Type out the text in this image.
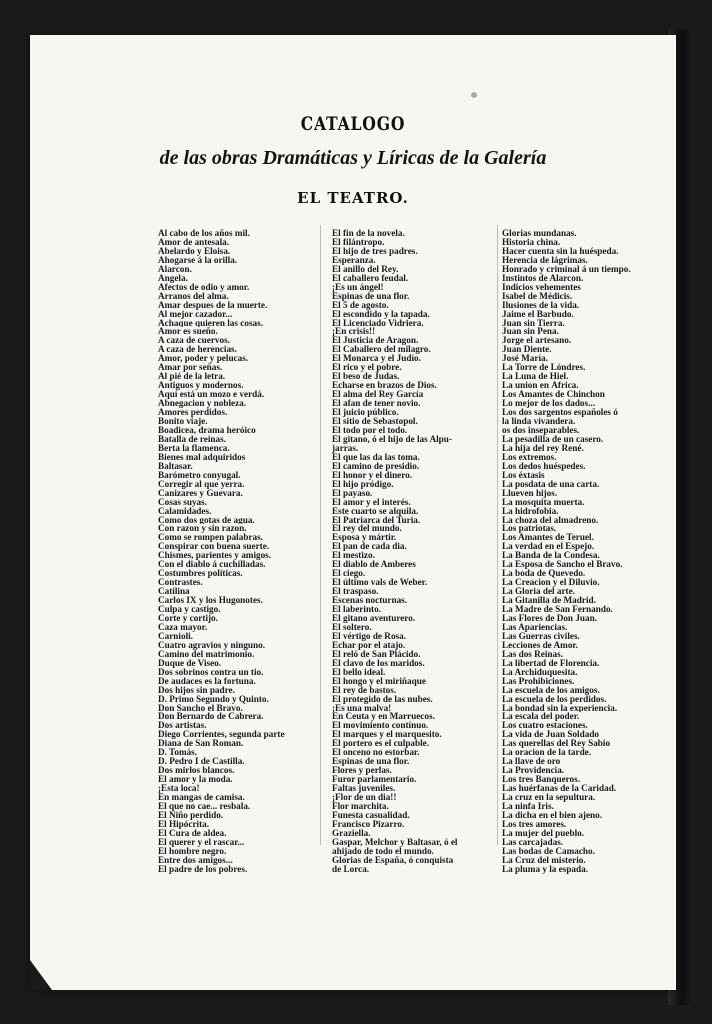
CATALOGO
de las obras Dramáticas y Líricas de la Galería
EL TEATRO.
Al cabo de los años mil.
Amor de antesala.
Abelardo y Eloisa.
Ahogarse á la orilla.
Alarcon.
Angela.
Afectos de odio y amor.
Arranos del alma.
Amar despues de la muerte.
Al mejor cazador...
Achaque quieren las cosas.
Amor es sueño.
A caza de cuervos.
A caza de herencias.
Amor, poder y pelucas.
Amar por señas.
Al pié de la letra.
Antiguos y modernos.
Aquí está un mozo e verdá.
Abnegacion y nobleza.
Amores perdidos.
Bonito viaje.
Boadicea, drama heróico
Batalla de reinas.
Berta la flamenca.
Bienes mal adquiridos
Baltasar.
Barómetro conyugal.
Corregir al que yerra.
Canizares y Guevara.
Cosas suyas.
Calamidades.
Como dos gotas de agua.
Con razon y sin razon.
Como se rompen palabras.
Conspirar con buena suerte.
Chismes, parientes y amigos.
Con el diablo á cuchilladas.
Costumbres políticas.
Contrastes.
Catilina
Carlos IX y los Hugonotes.
Culpa y castigo.
Corte y cortijo.
Caza mayor.
Carnioli.
Cuatro agravios y ninguno.
Camino del matrimonio.
Duque de Viseo.
Dos sobrinos contra un tio.
De audaces es la fortuna.
Dos hijos sin padre.
D. Primo Segundo y Quinto.
Don Sancho el Bravo.
Don Bernardo de Cabrera.
Dos artistas.
Diego Corrientes, segunda parte
Diana de San Roman.
D. Tomás.
D. Pedro I de Castilla.
Dos mirlos blancos.
El amor y la moda.
¡Esta loca!
En mangas de camisa.
El que no cae... resbala.
El Niño perdido.
El Hipócrita.
El Cura de aldea.
El querer y el rascar...
El hombre negro.
Entre dos amigos...
El padre de los pobres.
El fin de la novela.
El filántropo.
El hijo de tres padres.
Esperanza.
El anillo del Rey.
El caballero feudal.
¡Es un ángel!
Espinas de una flor.
El 5 de agosto.
El escondido y la tapada.
El Licenciado Vidriera.
¡En crisis!!
El Justicia de Aragon.
El Caballero del milagro.
El Monarca y el Judío.
El rico y el pobre.
El beso de Judas.
Echarse en brazos de Dios.
El alma del Rey García
El afan de tener novio.
El juicio público.
El sitio de Sebastopol.
El todo por el todo.
El gitano, ó el hijo de las Alpu-
jarras.
El que las da las toma.
El camino de presidio.
El honor y el dinero.
El hijo pródigo.
El payaso.
El amor y el interés.
Este cuarto se alquila.
El Patriarca del Turia.
El rey del mundo.
Esposa y mártir.
El pan de cada dia.
El mestizo.
El diablo de Amberes
El ciego.
El último vals de Weber.
El traspaso.
Escenas nocturnas.
El laberinto.
El gitano aventurero.
El soltero.
El vértigo de Rosa.
Echar por el atajo.
El reló de San Plácido.
El clavo de los maridos.
El bello ideal.
El hongo y el miriñaque
El rey de bastos.
El protegido de las nubes.
¡Es una malva!
En Ceuta y en Marruecos.
El movimiento contínuo.
El marques y el marquesito.
El portero es el culpable.
El onceno no estorbar.
Espinas de una flor.
Flores y perlas.
Furor parlamentario.
Faltas juveniles.
¡Flor de un dia!!
Flor marchita.
Funesta casualidad.
Francisco Pizarro.
Graziella.
Gaspar, Melchor y Baltasar, ó el
ahijado de todo el mundo.
Glorias de España, ó conquista
de Lorca.
Glorias mundanas.
Historia china.
Hacer cuenta sin la huéspeda.
Herencia de lágrimas.
Honrado y criminal á un tiempo.
Instintos de Alarcon.
Indicios vehementes
Isabel de Médicis.
Ilusiones de la vida.
Jaime el Barbudo.
Juan sin Tierra.
Juan sin Pena.
Jorge el artesano.
Juan Diente.
José María.
La Torre de Lóndres.
La Luna de Hiel.
La union en África.
Los Amantes de Chinchon
Lo mejor de los dados...
Los dos sargentos españoles ó
la linda vivandera.
os dos inseparables.
La pesadilla de un casero.
La hija del rey René.
Los extremos.
Los dedos huéspedes.
Los éxtasis
La posdata de una carta.
Llueven hijos.
La mosquita muerta.
La hidrofobia.
La choza del almadreno.
Los patriotas.
Los Amantes de Teruel.
La verdad en el Espejo.
La Banda de la Condesa.
La Esposa de Sancho el Bravo.
La boda de Quevedo.
La Creacion y el Diluvio.
La Gloria del arte.
La Gitanilla de Madrid.
La Madre de San Fernando.
Las Flores de Don Juan.
Las Apariencias.
Las Guerras civiles.
Lecciones de Amor.
Las dos Reinas.
La libertad de Florencia.
La Archiduquesita.
Las Prohibiciones.
La escuela de los amigos.
La escuela de los perdidos.
La bondad sin la experiencia.
La escala del poder.
Los cuatro estaciones.
La vida de Juan Soldado
Las querellas del Rey Sabio
La oracion de la tarde.
La llave de oro
La Providencia.
Los tres Banqueros.
Las huérfanas de la Caridad.
La cruz en la sepultura.
La ninfa Iris.
La dicha en el bien ajeno.
Los tres amores.
La mujer del pueblo.
Las carcajadas.
Las bodas de Camacho.
La Cruz del misterio.
La pluma y la espada.
